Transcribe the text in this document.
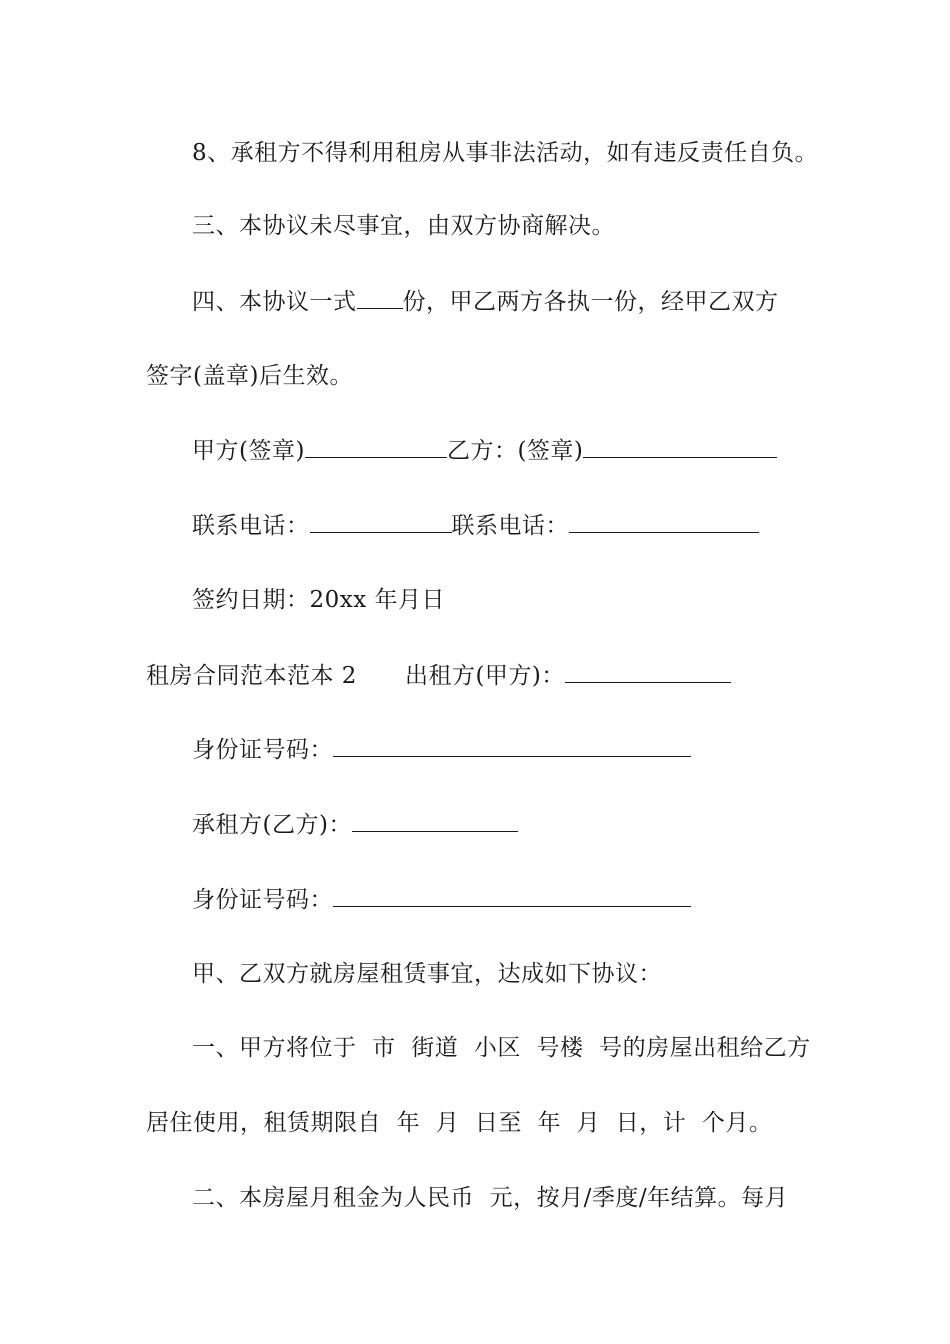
8、承租方不得利用租房从事非法活动，如有违反责任自负。
三、本协议未尽事宜，由双方协商解决。
四、本协议一式 份，甲乙两方各执一份，经甲乙双方
签字(盖章)后生效。
甲方(签章)	乙方：(签章)
联系电话：	联系电话：
签约日期：20xx 年月日
租房合同范本范本 2 出租方(甲方)：
身份证号码：
承租方(乙方)：
身份证号码：
甲、乙双方就房屋租赁事宜，达成如下协议：
一、甲方将位于  市  街道  小区  号楼  号的房屋出租给乙方
居住使用，租赁期限自  年  月  日至  年  月  日，计  个月。
二、本房屋月租金为人民币  元，按月/季度/年结算。每月
